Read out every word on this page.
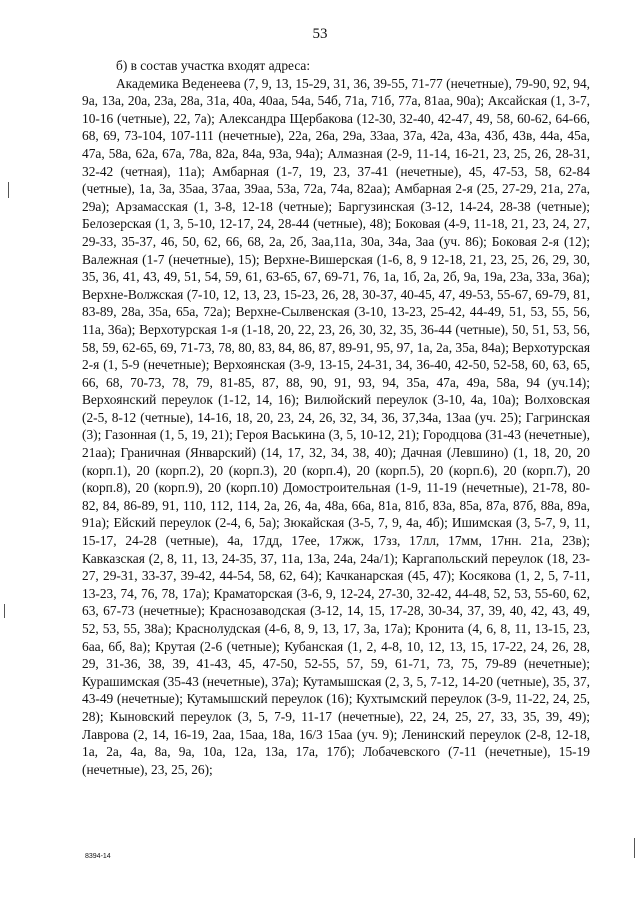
53

б) в состав участка входят адреса:

Академика Веденеева (7, 9, 13, 15-29, 31, 36, 39-55, 71-77 (нечетные), 79-90, 92, 94, 9а, 13а, 20а, 23а, 28а, 31а, 40а, 40аа, 54а, 54б, 71а, 71б, 77а, 81аа, 90а); Аксайская (1, 3-7, 10-16 (четные), 22, 7а); Александра Щербакова (12-30, 32-40, 42-47, 49, 58, 60-62, 64-66, 68, 69, 73-104, 107-111 (нечетные), 22а, 26а, 29а, 33аа, 37а, 42а, 43а, 43б, 43в, 44а, 45а, 47а, 58а, 62а, 67а, 78а, 82а, 84а, 93а, 94а); Алмазная (2-9, 11-14, 16-21, 23, 25, 26, 28-31, 32-42 (четная), 11а); Амбарная (1-7, 19, 23, 37-41 (нечетные), 45, 47-53, 58, 62-84 (четные), 1а, 3а, 35аа, 37аа, 39аа, 53а, 72а, 74а, 82аа); Амбарная 2-я (25, 27-29, 21а, 27а, 29а); Арзамасская (1, 3-8, 12-18 (четные); Баргузинская (3-12, 14-24, 28-38 (четные); Белозерская (1, 3, 5-10, 12-17, 24, 28-44 (четные), 48); Боковая (4-9, 11-18, 21, 23, 24, 27, 29-33, 35-37, 46, 50, 62, 66, 68, 2а, 2б, 3аа,11а, 30а, 34а, 3аа (уч. 86); Боковая 2-я (12); Валежная (1-7 (нечетные), 15); Верхне-Вишерская (1-6, 8, 9 12-18, 21, 23, 25, 26, 29, 30, 35, 36, 41, 43, 49, 51, 54, 59, 61, 63-65, 67, 69-71, 76, 1а, 1б, 2а, 2б, 9а, 19а, 23а, 33а, 36а); Верхне-Волжская (7-10, 12, 13, 23, 15-23, 26, 28, 30-37, 40-45, 47, 49-53, 55-67, 69-79, 81, 83-89, 28а, 35а, 65а, 72а); Верхне-Сылвенская (3-10, 13-23, 25-42, 44-49, 51, 53, 55, 56, 11а, 36а); Верхотурская 1-я (1-18, 20, 22, 23, 26, 30, 32, 35, 36-44 (четные), 50, 51, 53, 56, 58, 59, 62-65, 69, 71-73, 78, 80, 83, 84, 86, 87, 89-91, 95, 97, 1а, 2а, 35а, 84а); Верхотурская 2-я (1, 5-9 (нечетные); Верхоянская (3-9, 13-15, 24-31, 34, 36-40, 42-50, 52-58, 60, 63, 65, 66, 68, 70-73, 78, 79, 81-85, 87, 88, 90, 91, 93, 94, 35а, 47а, 49а, 58а, 94 (уч.14); Верхоянский переулок (1-12, 14, 16); Вилюйский переулок (3-10, 4а, 10а); Волховская (2-5, 8-12 (четные), 14-16, 18, 20, 23, 24, 26, 32, 34, 36, 37,34а, 13аа (уч. 25); Гагринская (3); Газонная (1, 5, 19, 21); Героя Васькина (3, 5, 10-12, 21); Городцова (31-43 (нечетные), 21аа); Граничная (Январский) (14, 17, 32, 34, 38, 40); Дачная (Левшино) (1, 18, 20, 20 (корп.1), 20 (корп.2), 20 (корп.3), 20 (корп.4), 20 (корп.5), 20 (корп.6), 20 (корп.7), 20 (корп.8), 20 (корп.9), 20 (корп.10) Домостроительная (1-9, 11-19 (нечетные), 21-78, 80-82, 84, 86-89, 91, 110, 112, 114, 2а, 26, 4а, 48а, 66а, 81а, 81б, 83а, 85а, 87а, 87б, 88а, 89а, 91а); Ейский переулок (2-4, 6, 5а); Зюкайская (3-5, 7, 9, 4а, 4б); Ишимская (3, 5-7, 9, 11, 15-17, 24-28 (четные), 4а, 17дд, 17ее, 17жж, 17зз, 17лл, 17мм, 17нн. 21а, 23в); Кавказская (2, 8, 11, 13, 24-35, 37, 11а, 13а, 24а, 24а/1); Каргапольский переулок (18, 23-27, 29-31, 33-37, 39-42, 44-54, 58, 62, 64); Качканарская (45, 47); Косякова (1, 2, 5, 7-11, 13-23, 74, 76, 78, 17а); Краматорская (3-6, 9, 12-24, 27-30, 32-42, 44-48, 52, 53, 55-60, 62, 63, 67-73 (нечетные); Краснозаводская (3-12, 14, 15, 17-28, 30-34, 37, 39, 40, 42, 43, 49, 52, 53, 55, 38а); Краснолудская (4-6, 8, 9, 13, 17, 3а, 17а); Кронита (4, 6, 8, 11, 13-15, 23, 6аа, 6б, 8а); Крутая (2-6 (четные); Кубанская (1, 2, 4-8, 10, 12, 13, 15, 17-22, 24, 26, 28, 29, 31-36, 38, 39, 41-43, 45, 47-50, 52-55, 57, 59, 61-71, 73, 75, 79-89 (нечетные); Курашимская (35-43 (нечетные), 37а); Кутамышская (2, 3, 5, 7-12, 14-20 (четные), 35, 37, 43-49 (нечетные); Кутамышский переулок (16); Кухтымский переулок (3-9, 11-22, 24, 25, 28); Кыновский переулок (3, 5, 7-9, 11-17 (нечетные), 22, 24, 25, 27, 33, 35, 39, 49); Лаврова (2, 14, 16-19, 2аа, 15аа, 18а, 16/3 15аа (уч. 9); Ленинский переулок (2-8, 12-18, 1а, 2а, 4а, 8а, 9а, 10а, 12а, 13а, 17а, 17б); Лобачевского (7-11 (нечетные), 15-19 (нечетные), 23, 25, 26);

8394-14
